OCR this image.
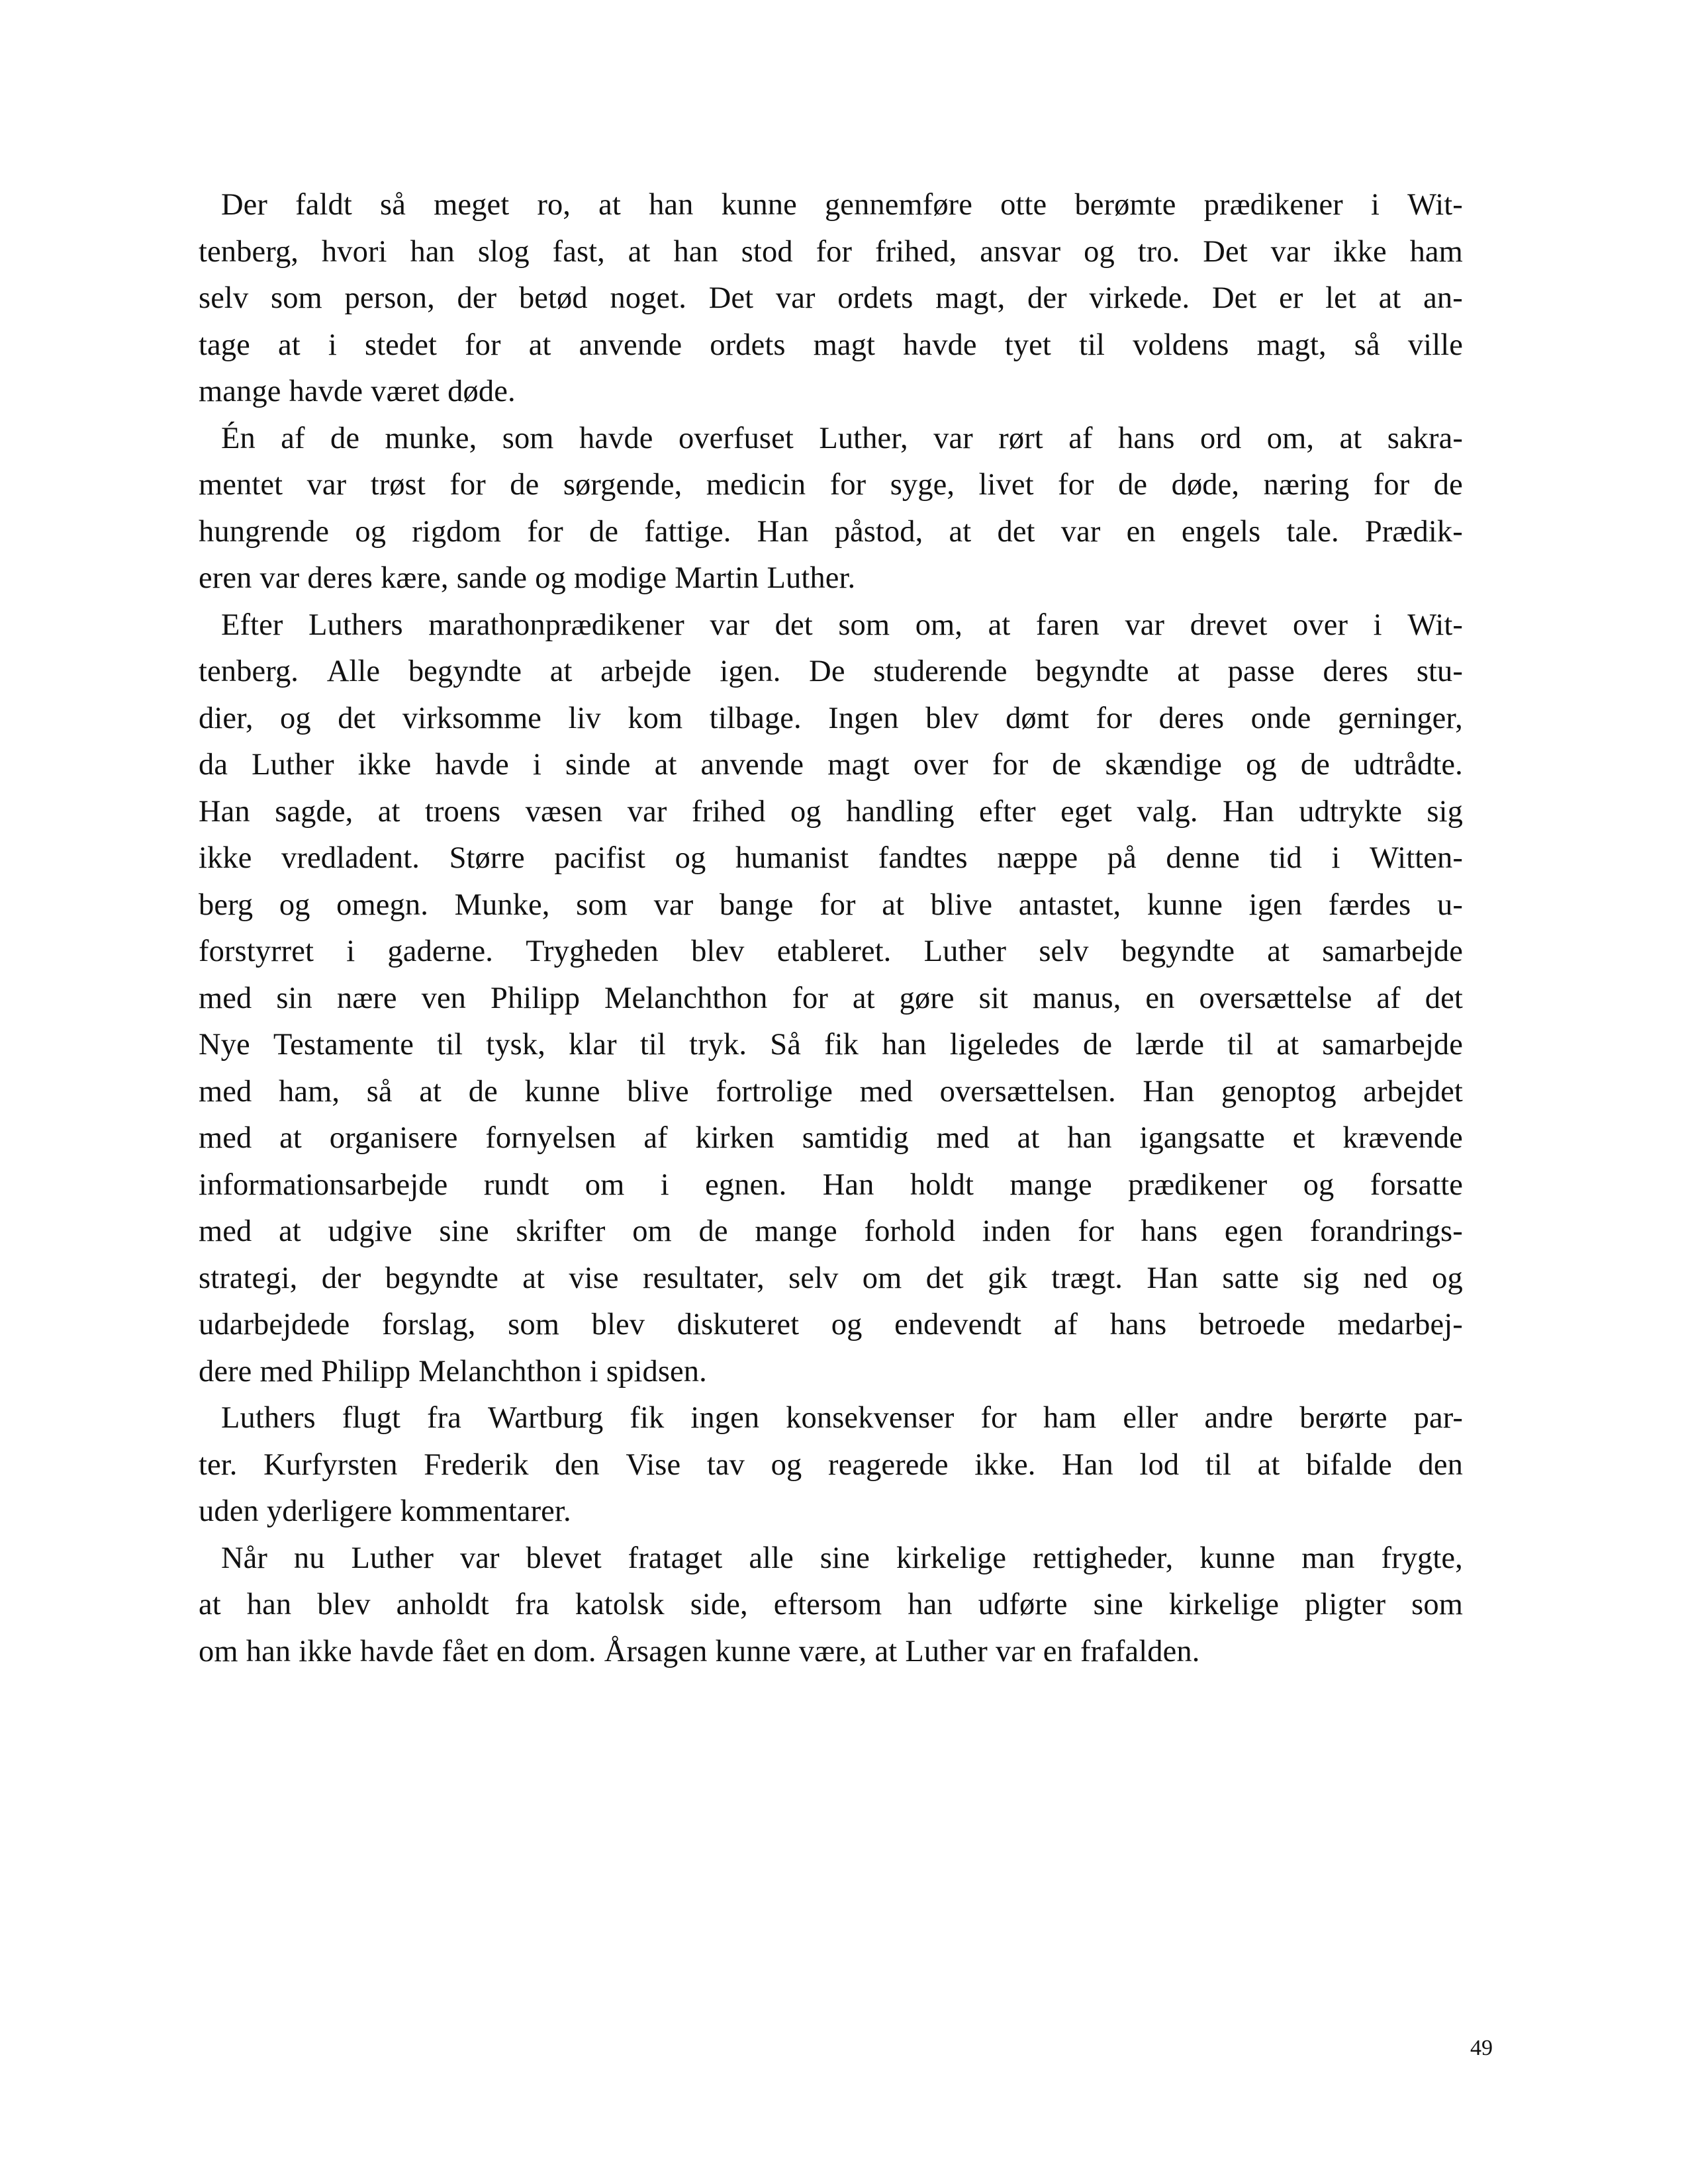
Der faldt så meget ro, at han kunne gennemføre otte berømte prædikener i Wit-
tenberg, hvori han slog fast, at han stod for frihed, ansvar og tro. Det var ikke ham
selv som person, der betød noget. Det var ordets magt, der virkede. Det er let at an-
tage at i stedet for at anvende ordets magt havde tyet til voldens magt, så ville
mange havde været døde.

Én af de munke, som havde overfuset Luther, var rørt af hans ord om, at sakra-
mentet var trøst for de sørgende, medicin for syge, livet for de døde, næring for de
hungrende og rigdom for de fattige. Han påstod, at det var en engels tale. Prædik-
eren var deres kære, sande og modige Martin Luther.

Efter Luthers marathonprædikener var det som om, at faren var drevet over i Wit-
tenberg. Alle begyndte at arbejde igen. De studerende begyndte at passe deres stu-
dier, og det virksomme liv kom tilbage. Ingen blev dømt for deres onde gerninger,
da Luther ikke havde i sinde at anvende magt over for de skændige og de udtrådte.
Han sagde, at troens væsen var frihed og handling efter eget valg. Han udtrykte sig
ikke vredladent. Større pacifist og humanist fandtes næppe på denne tid i Witten-
berg og omegn. Munke, som var bange for at blive antastet, kunne igen færdes u-
forstyrret i gaderne. Trygheden blev etableret. Luther selv begyndte at samarbejde
med sin nære ven Philipp Melanchthon for at gøre sit manus, en oversættelse af det
Nye Testamente til tysk, klar til tryk. Så fik han ligeledes de lærde til at samarbejde
med ham, så at de kunne blive fortrolige med oversættelsen. Han genoptog arbejdet
med at organisere fornyelsen af kirken samtidig med at han igangsatte et krævende
informationsarbejde rundt om i egnen. Han holdt mange prædikener og forsatte
med at udgive sine skrifter om de mange forhold inden for hans egen forandrings-
strategi, der begyndte at vise resultater, selv om det gik trægt. Han satte sig ned og
udarbejdede forslag, som blev diskuteret og endevendt af hans betroede medarbej-
dere med Philipp Melanchthon i spidsen.

Luthers flugt fra Wartburg fik ingen konsekvenser for ham eller andre berørte par-
ter. Kurfyrsten Frederik den Vise tav og reagerede ikke. Han lod til at bifalde den
uden yderligere kommentarer.

Når nu Luther var blevet frataget alle sine kirkelige rettigheder, kunne man frygte,
at han blev anholdt fra katolsk side, eftersom han udførte sine kirkelige pligter som
om han ikke havde fået en dom. Årsagen kunne være, at Luther var en frafalden.

49
